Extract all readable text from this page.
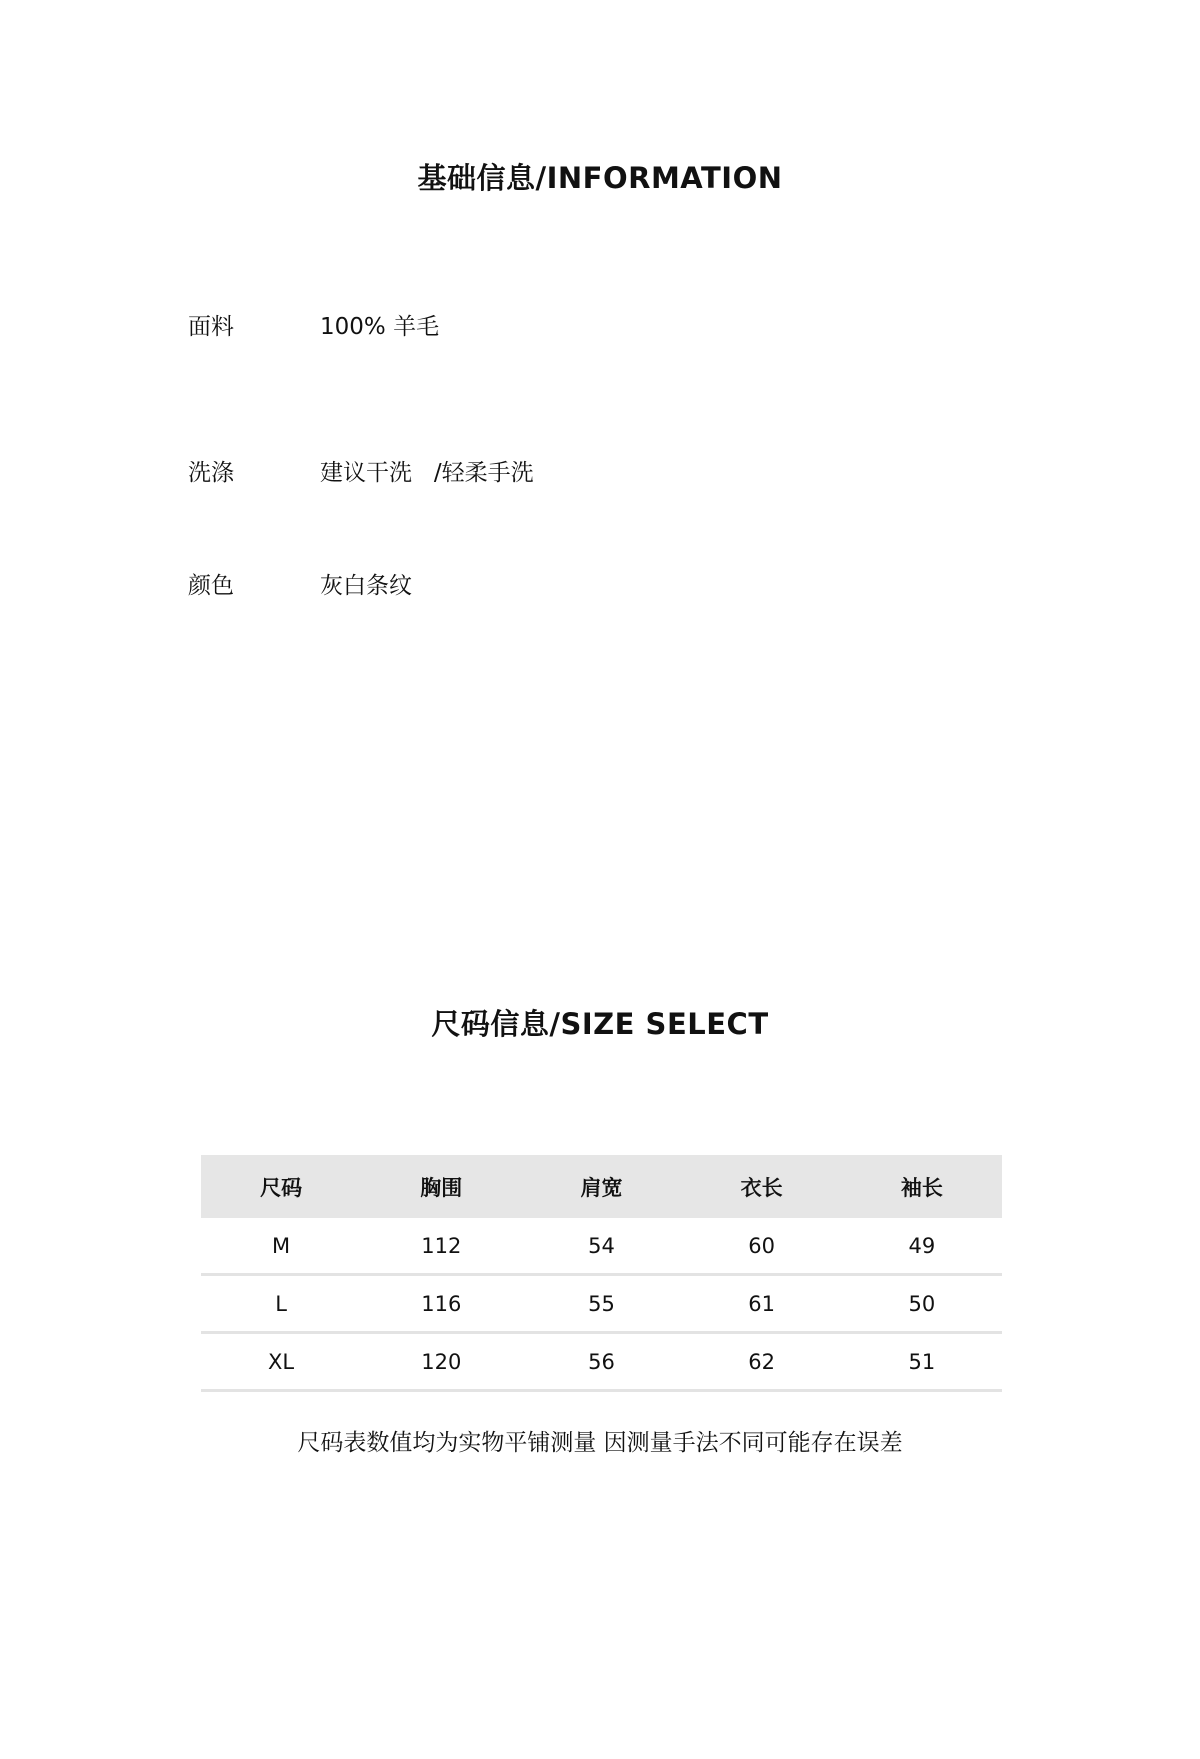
基础信息/INFORMATION
面料	100% 羊毛
洗涤	建议干洗   /轻柔手洗
颜色	灰白条纹
尺码信息/SIZE SELECT
尺码	胸围	肩宽	衣长	袖长
M	112	54	60	49
L	116	55	61	50
XL	120	56	62	51
尺码表数值均为实物平铺测量 因测量手法不同可能存在误差
